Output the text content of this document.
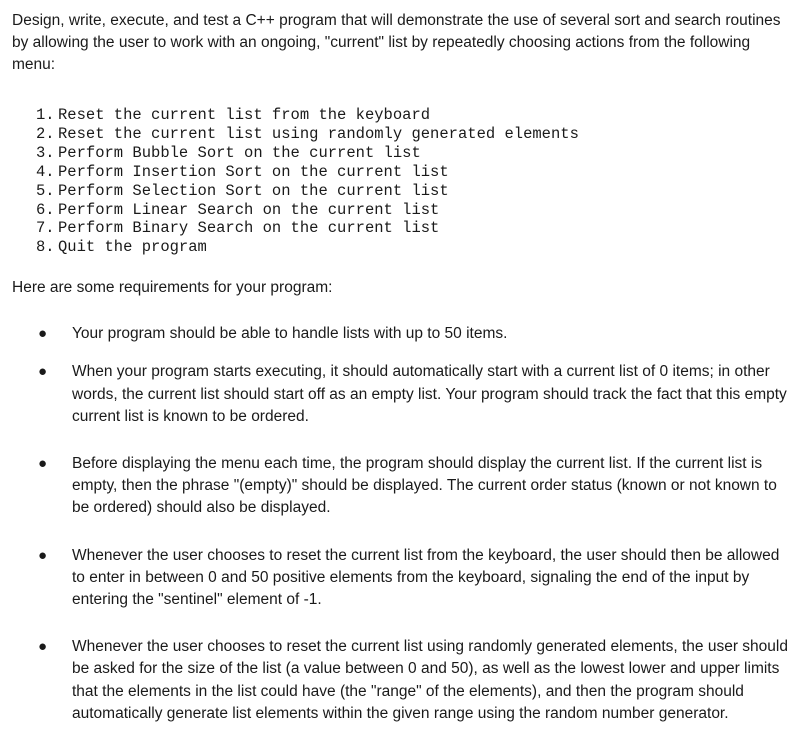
Design, write, execute, and test a C++ program that will demonstrate the use of several sort and search routines by allowing the user to work with an ongoing, "current" list by repeatedly choosing actions from the following menu:

1. Reset the current list from the keyboard
2. Reset the current list using randomly generated elements
3. Perform Bubble Sort on the current list
4. Perform Insertion Sort on the current list
5. Perform Selection Sort on the current list
6. Perform Linear Search on the current list
7. Perform Binary Search on the current list
8. Quit the program

Here are some requirements for your program:

● Your program should be able to handle lists with up to 50 items.
● When your program starts executing, it should automatically start with a current list of 0 items; in other words, the current list should start off as an empty list. Your program should track the fact that this empty current list is known to be ordered.
● Before displaying the menu each time, the program should display the current list. If the current list is empty, then the phrase "(empty)" should be displayed. The current order status (known or not known to be ordered) should also be displayed.
● Whenever the user chooses to reset the current list from the keyboard, the user should then be allowed to enter in between 0 and 50 positive elements from the keyboard, signaling the end of the input by entering the "sentinel" element of -1.
● Whenever the user chooses to reset the current list using randomly generated elements, the user should be asked for the size of the list (a value between 0 and 50), as well as the lowest lower and upper limits that the elements in the list could have (the "range" of the elements), and then the program should automatically generate list elements within the given range using the random number generator.
